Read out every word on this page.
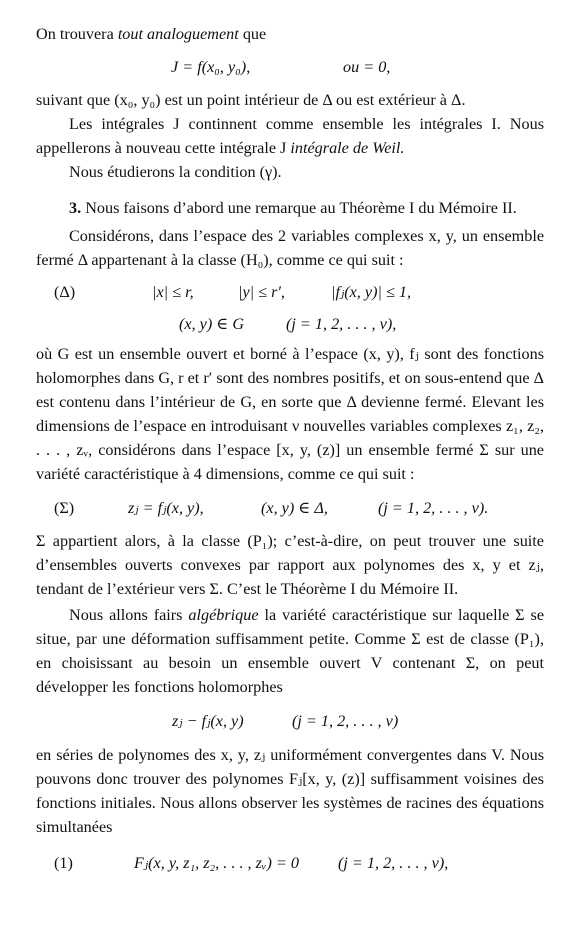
On trouvera tout analoguement que

J = f(x₀, y₀),	ou = 0,

suivant que (x₀, y₀) est un point intérieur de Δ ou est extérieur à Δ.

Les intégrales J continnent comme ensemble les intégrales I. Nous appellerons à nouveau cette intégrale J intégrale de Weil.

Nous étudierons la condition (γ).

3. Nous faisons d’abord une remarque au Théorème I du Mémoire II.

Considérons, dans l’espace des 2 variables complexes x, y, un ensemble fermé Δ appartenant à la classe (H₀), comme ce qui suit :

(Δ)	|x| ≤ r,	|y| ≤ r′,	|fⱼ(x, y)| ≤ 1,
(x, y) ∈ G	(j = 1, 2, . . . , ν),

où G est un ensemble ouvert et borné à l’espace (x, y), fⱼ sont des fonctions holomorphes dans G, r et r′ sont des nombres positifs, et on sous-entend que Δ est contenu dans l’intérieur de G, en sorte que Δ devienne fermé. Elevant les dimensions de l’espace en introduisant ν nouvelles variables complexes z₁, z₂, . . . , zᵥ, considérons dans l’espace [x, y, (z)] un ensemble fermé Σ sur une variété caractéristique à 4 dimensions, comme ce qui suit :

(Σ)	zⱼ = fⱼ(x, y),	(x, y) ∈ Δ,	(j = 1, 2, . . . , ν).

Σ appartient alors, à la classe (P₁); c’est-à-dire, on peut trouver une suite d’ensembles ouverts convexes par rapport aux polynomes des x, y et zⱼ, tendant de l’extérieur vers Σ. C’est le Théorème I du Mémoire II.

Nous allons fairs algébrique la variété caractéristique sur laquelle Σ se situe, par une déformation suffisamment petite. Comme Σ est de classe (P₁), en choisissant au besoin un ensemble ouvert V contenant Σ, on peut développer les fonctions holomorphes

zⱼ − fⱼ(x, y)	(j = 1, 2, . . . , ν)

en séries de polynomes des x, y, zⱼ uniformément convergentes dans V. Nous pouvons donc trouver des polynomes Fⱼ[x, y, (z)] suffisamment voisines des fonctions initiales. Nous allons observer les systèmes de racines des équations simultanées

(1)	Fⱼ(x, y, z₁, z₂, . . . , zᵥ) = 0 (j = 1, 2, . . . , ν),
